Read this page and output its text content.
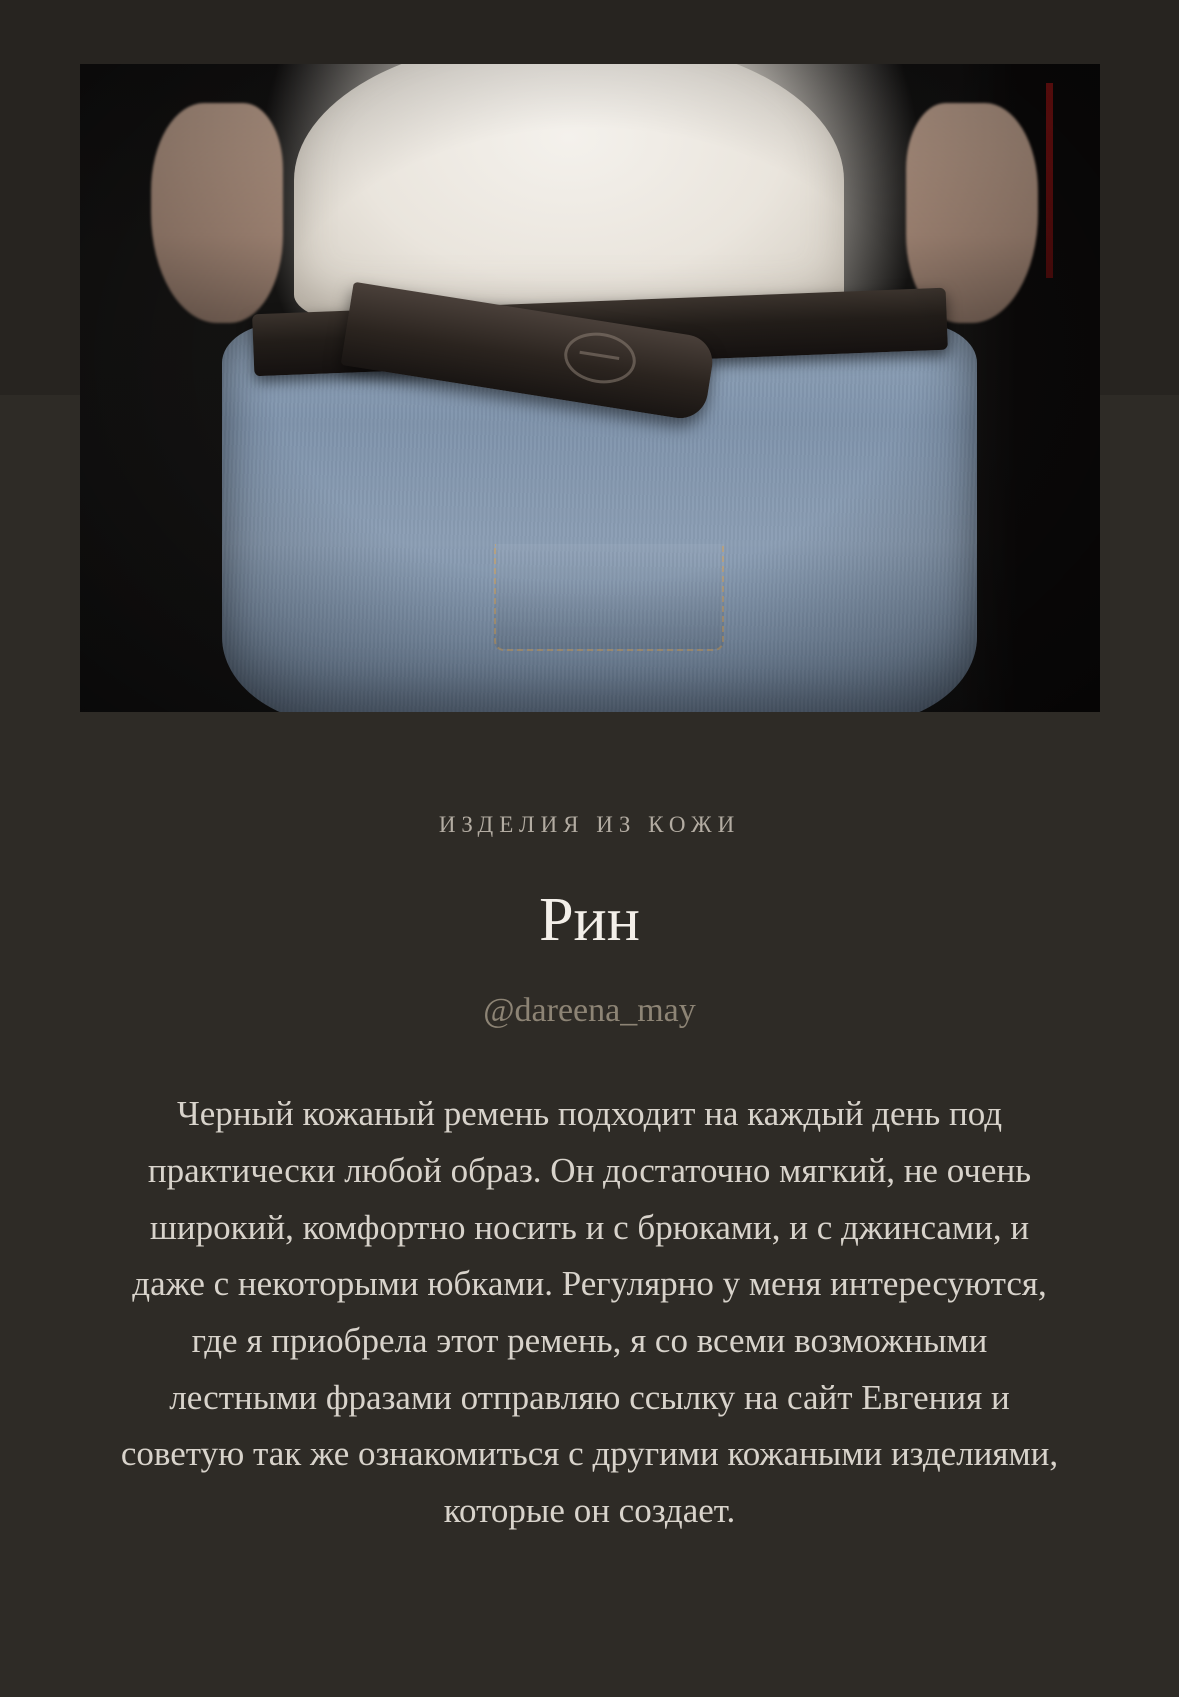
ИЗДЕЛИЯ ИЗ КОЖИ

Рин

@dareena_may

Черный кожаный ремень подходит на каждый день под практически любой образ. Он достаточно мягкий, не очень широкий, комфортно носить и с брюками, и с джинсами, и даже с некоторыми юбками. Регулярно у меня интересуются, где я приобрела этот ремень, я со всеми возможными лестными фразами отправляю ссылку на сайт Евгения и советую так же ознакомиться с другими кожаными изделиями, которые он создает.
